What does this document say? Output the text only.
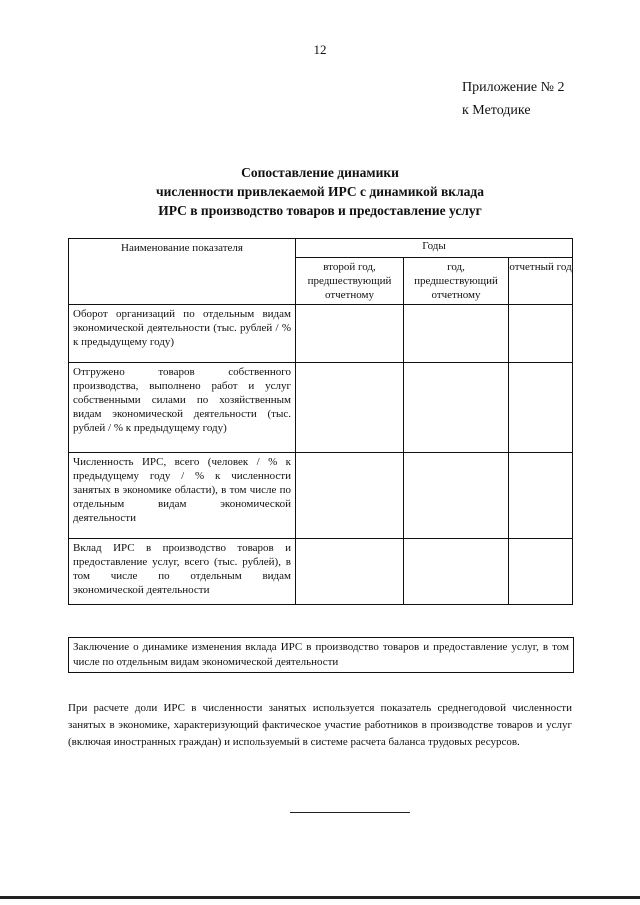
12
Приложение № 2
к Методике
Сопоставление динамики
численности привлекаемой ИРС с динамикой вклада
ИРС в производство товаров и предоставление услуг
Наименование показателя	Годы		
	второй год, предшествующий отчетному	год, предшествующий отчетному	отчетный год
Оборот организаций по отдельным видам экономической деятельности (тыс. рублей / % к предыдущему году)			
Отгружено товаров собственного производства, выполнено работ и услуг собственными силами по хозяйственным видам экономической деятельности (тыс. рублей / % к предыдущему году)			
Численность ИРС, всего (человек / % к предыдущему году / % к численности занятых в экономике области), в том числе по отдельным видам экономической деятельности			
Вклад ИРС в производство товаров и предоставление услуг, всего (тыс. рублей), в том числе по отдельным видам экономической деятельности			
Заключение о динамике изменения вклада ИРС в производство товаров и предоставление услуг, в том числе по отдельным видам экономической деятельности
При расчете доли ИРС в численности занятых используется показатель среднегодовой численности занятых в экономике, характеризующий фактическое участие работников в производстве товаров и услуг (включая иностранных граждан) и используемый в системе расчета баланса трудовых ресурсов.
